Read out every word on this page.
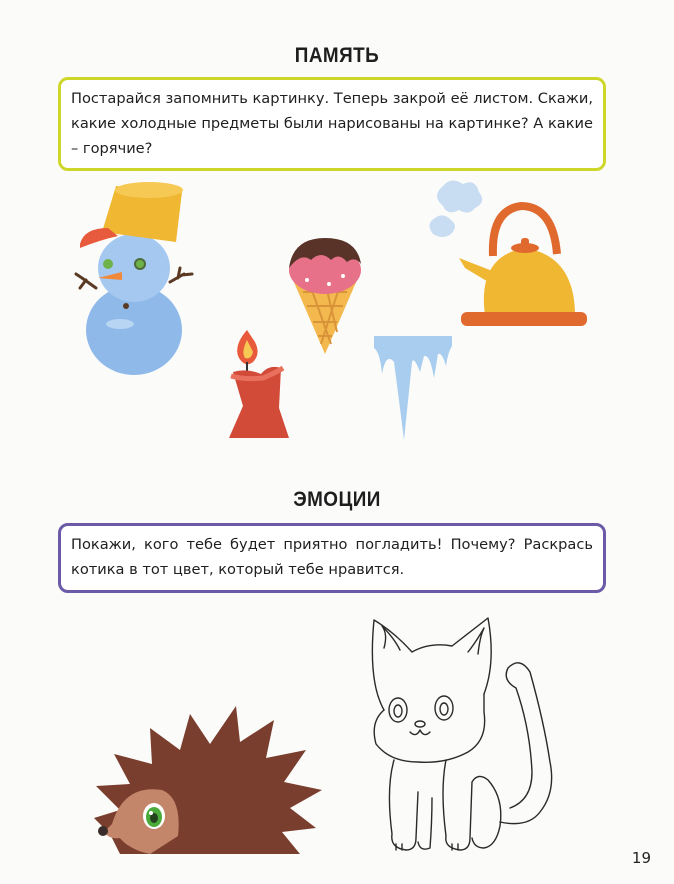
ПАМЯТЬ
Постарайся запомнить картинку. Теперь закрой её листом. Скажи, какие холодные предметы были нарисованы на картинке? А какие – горячие?
ЭМОЦИИ
Покажи, кого тебе будет приятно погладить! Почему? Раскрась котика в тот цвет, который тебе нравится.
19
